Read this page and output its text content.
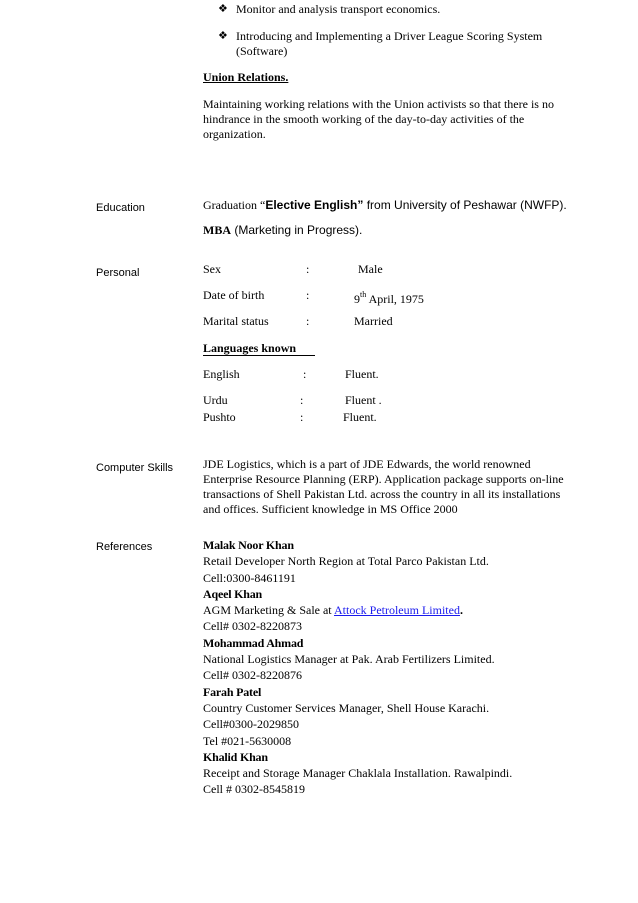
❖ Monitor and analysis transport economics.
❖ Introducing and Implementing a Driver League Scoring System (Software)
Union Relations.
Maintaining working relations with the Union activists so that there is no hindrance in the smooth working of the day-to-day activities of the organization.
Education	Graduation “Elective English” from University of Peshawar (NWFP).
MBA (Marketing in Progress).
Personal	Sex	:	Male
Date of birth	:	9th April, 1975
Marital status	:	Married
Languages known
English	:	Fluent.
Urdu	:	Fluent .
Pushto	:	Fluent.
Computer Skills JDE Logistics, which is a part of JDE Edwards, the world renowned Enterprise Resource Planning (ERP). Application package supports on-line transactions of Shell Pakistan Ltd. across the country in all its installations and offices. Sufficient knowledge in MS Office 2000
References	Malak Noor Khan
Retail Developer North Region at Total Parco Pakistan Ltd.
Cell:0300-8461191
Aqeel Khan
AGM Marketing & Sale at Attock Petroleum Limited.
Cell# 0302-8220873
Mohammad Ahmad
National Logistics Manager at Pak. Arab Fertilizers Limited.
Cell# 0302-8220876
Farah Patel
Country Customer Services Manager, Shell House Karachi.
Cell#0300-2029850
Tel #021-5630008
Khalid Khan
Receipt and Storage Manager Chaklala Installation. Rawalpindi.
Cell # 0302-8545819
